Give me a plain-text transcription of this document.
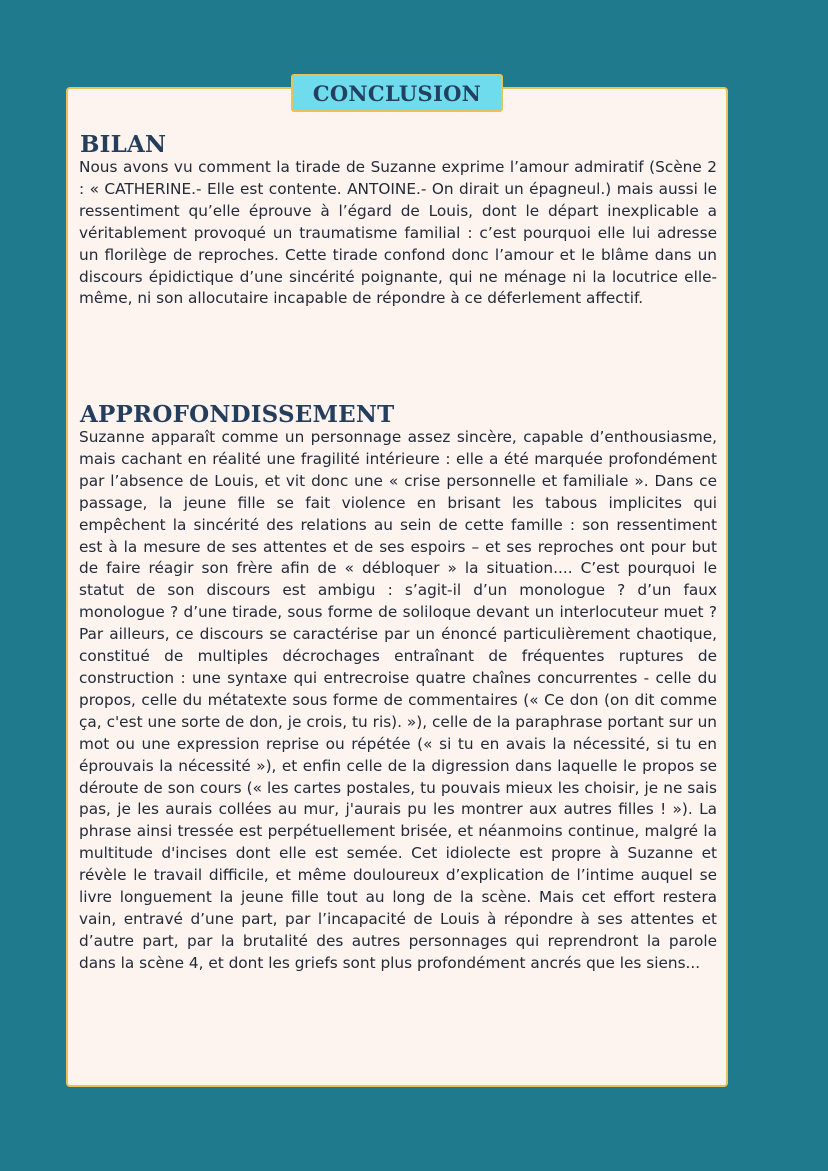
CONCLUSION
BILAN

Nous avons vu comment la tirade de Suzanne exprime l’amour admiratif (Scène 2 : « CATHERINE.- Elle est contente. ANTOINE.- On dirait un épagneul.) mais aussi le ressentiment qu’elle éprouve à l’égard de Louis, dont le départ inexplicable a véritablement provoqué un traumatisme familial : c’est pourquoi elle lui adresse un florilège de reproches. Cette tirade confond donc l’amour et le blâme dans un discours épidictique d’une sincérité poignante, qui ne ménage ni la locutrice elle-même, ni son allocutaire incapable de répondre à ce déferlement affectif.

APPROFONDISSEMENT

Suzanne apparaît comme un personnage assez sincère, capable d’enthousiasme, mais cachant en réalité une fragilité intérieure : elle a été marquée profondément par l’absence de Louis, et vit donc une « crise personnelle et familiale ». Dans ce passage, la jeune fille se fait violence en brisant les tabous implicites qui empêchent la sincérité des relations au sein de cette famille : son ressentiment est à la mesure de ses attentes et de ses espoirs – et ses reproches ont pour but de faire réagir son frère afin de « débloquer » la situation.... C’est pourquoi le statut de son discours est ambigu : s’agit-il d’un monologue ? d’un faux monologue ? d’une tirade, sous forme de soliloque devant un interlocuteur muet ? Par ailleurs, ce discours se caractérise par un énoncé particulièrement chaotique, constitué de multiples décrochages entraînant de fréquentes ruptures de construction : une syntaxe qui entrecroise quatre chaînes concurrentes - celle du propos, celle du métatexte sous forme de commentaires (« Ce don (on dit comme ça, c'est une sorte de don, je crois, tu ris). »), celle de la paraphrase portant sur un mot ou une expression reprise ou répétée (« si tu en avais la nécessité, si tu en éprouvais la nécessité »), et enfin celle de la digression dans laquelle le propos se déroute de son cours (« les cartes postales, tu pouvais mieux les choisir, je ne sais pas, je les aurais collées au mur, j'aurais pu les montrer aux autres filles ! »). La phrase ainsi tressée est perpétuellement brisée, et néanmoins continue, malgré la multitude d'incises dont elle est semée. Cet idiolecte est propre à Suzanne et révèle le travail difficile, et même douloureux d’explication de l’intime auquel se livre longuement la jeune fille tout au long de la scène. Mais cet effort restera vain, entravé d’une part, par l’incapacité de Louis à répondre à ses attentes et d’autre part, par la brutalité des autres personnages qui reprendront la parole dans la scène 4, et dont les griefs sont plus profondément ancrés que les siens...
